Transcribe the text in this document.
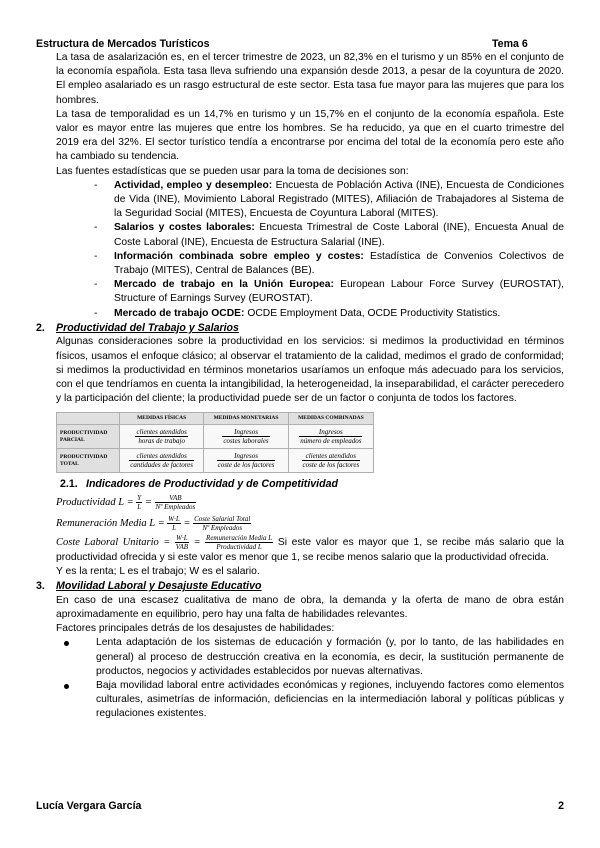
Estructura de Mercados Turísticos	Tema 6
La tasa de asalarización es, en el tercer trimestre de 2023, un 82,3% en el turismo y un 85% en el conjunto de la economía española. Esta tasa lleva sufriendo una expansión desde 2013, a pesar de la coyuntura de 2020. El empleo asalariado es un rasgo estructural de este sector. Esta tasa fue mayor para las mujeres que para los hombres.
La tasa de temporalidad es un 14,7% en turismo y un 15,7% en el conjunto de la economía española. Este valor es mayor entre las mujeres que entre los hombres. Se ha reducido, ya que en el cuarto trimestre del 2019 era del 32%. El sector turístico tendía a encontrarse por encima del total de la economía pero este año ha cambiado su tendencia.
Las fuentes estadísticas que se pueden usar para la toma de decisiones son:
- Actividad, empleo y desempleo: Encuesta de Población Activa (INE), Encuesta de Condiciones de Vida (INE), Movimiento Laboral Registrado (MITES), Afiliación de Trabajadores al Sistema de la Seguridad Social (MITES), Encuesta de Coyuntura Laboral (MITES).
- Salarios y costes laborales: Encuesta Trimestral de Coste Laboral (INE), Encuesta Anual de Coste Laboral (INE), Encuesta de Estructura Salarial (INE).
- Información combinada sobre empleo y costes: Estadística de Convenios Colectivos de Trabajo (MITES), Central de Balances (BE).
- Mercado de trabajo en la Unión Europea: European Labour Force Survey (EUROSTAT), Structure of Earnings Survey (EUROSTAT).
- Mercado de trabajo OCDE: OCDE Employment Data, OCDE Productivity Statistics.
2. Productividad del Trabajo y Salarios
Algunas consideraciones sobre la productividad en los servicios: si medimos la productividad en términos físicos, usamos el enfoque clásico; al observar el tratamiento de la calidad, medimos el grado de conformidad; si medimos la productividad en términos monetarios usaríamos un enfoque más adecuado para los servicios, con el que tendríamos en cuenta la intangibilidad, la heterogeneidad, la inseparabilidad, el carácter perecedero y la participación del cliente; la productividad puede ser de un factor o conjunta de todos los factores.
	MEDIDAS FÍSICAS	MEDIDAS MONETARIAS	MEDIDAS COMBINADAS
PRODUCTIVIDAD PARCIAL	$\frac{\text{clientes atendidos}}{\text{horas de trabajo}}$	$\frac{\text{Ingresos}}{\text{costes laborales}}$	$\frac{\text{Ingresos}}{\text{número de empleados}}$

PRODUCTIVIDAD TOTAL	$\frac{\text{clientes atendidos}}{\text{cantidades de factores}}$	$\frac{\text{Ingresos}}{\text{coste de los factores}}$	$\frac{\text{clientes atendidos}}{\text{coste de los factores}}$
2.1. Indicadores de Productividad y de Competitividad
Productividad $L = \frac{Y}{L} = \frac{\text{VAB}}{\text{Nº Empleados}}$
Remuneración Media $L = \frac{W\cdot L}{L} = \frac{\text{Coste Salarial Total}}{\text{Nº Empleados}}$
Coste Laboral Unitario = $\frac{W\cdot L}{\text{VAB}} = \frac{\text{Remuneración Media L}}{\text{Productividad L}}$ Si este valor es mayor que 1, se recibe más salario que la productividad ofrecida y si este valor es menor que 1, se recibe menos salario que la productividad ofrecida.
Y es la renta; L es el trabajo; W es el salario.
3. Movilidad Laboral y Desajuste Educativo
En caso de una escasez cualitativa de mano de obra, la demanda y la oferta de mano de obra están aproximadamente en equilibrio, pero hay una falta de habilidades relevantes.
Factores principales detrás de los desajustes de habilidades:
Lenta adaptación de los sistemas de educación y formación (y, por lo tanto, de las habilidades en general) al proceso de destrucción creativa en la economía, es decir, la sustitución permanente de productos, negocios y actividades establecidos por nuevas alternativas.
Baja movilidad laboral entre actividades económicas y regiones, incluyendo factores como elementos culturales, asimetrías de información, deficiencias en la intermediación laboral y políticas públicas y regulaciones existentes.
Lucía Vergara García	2
